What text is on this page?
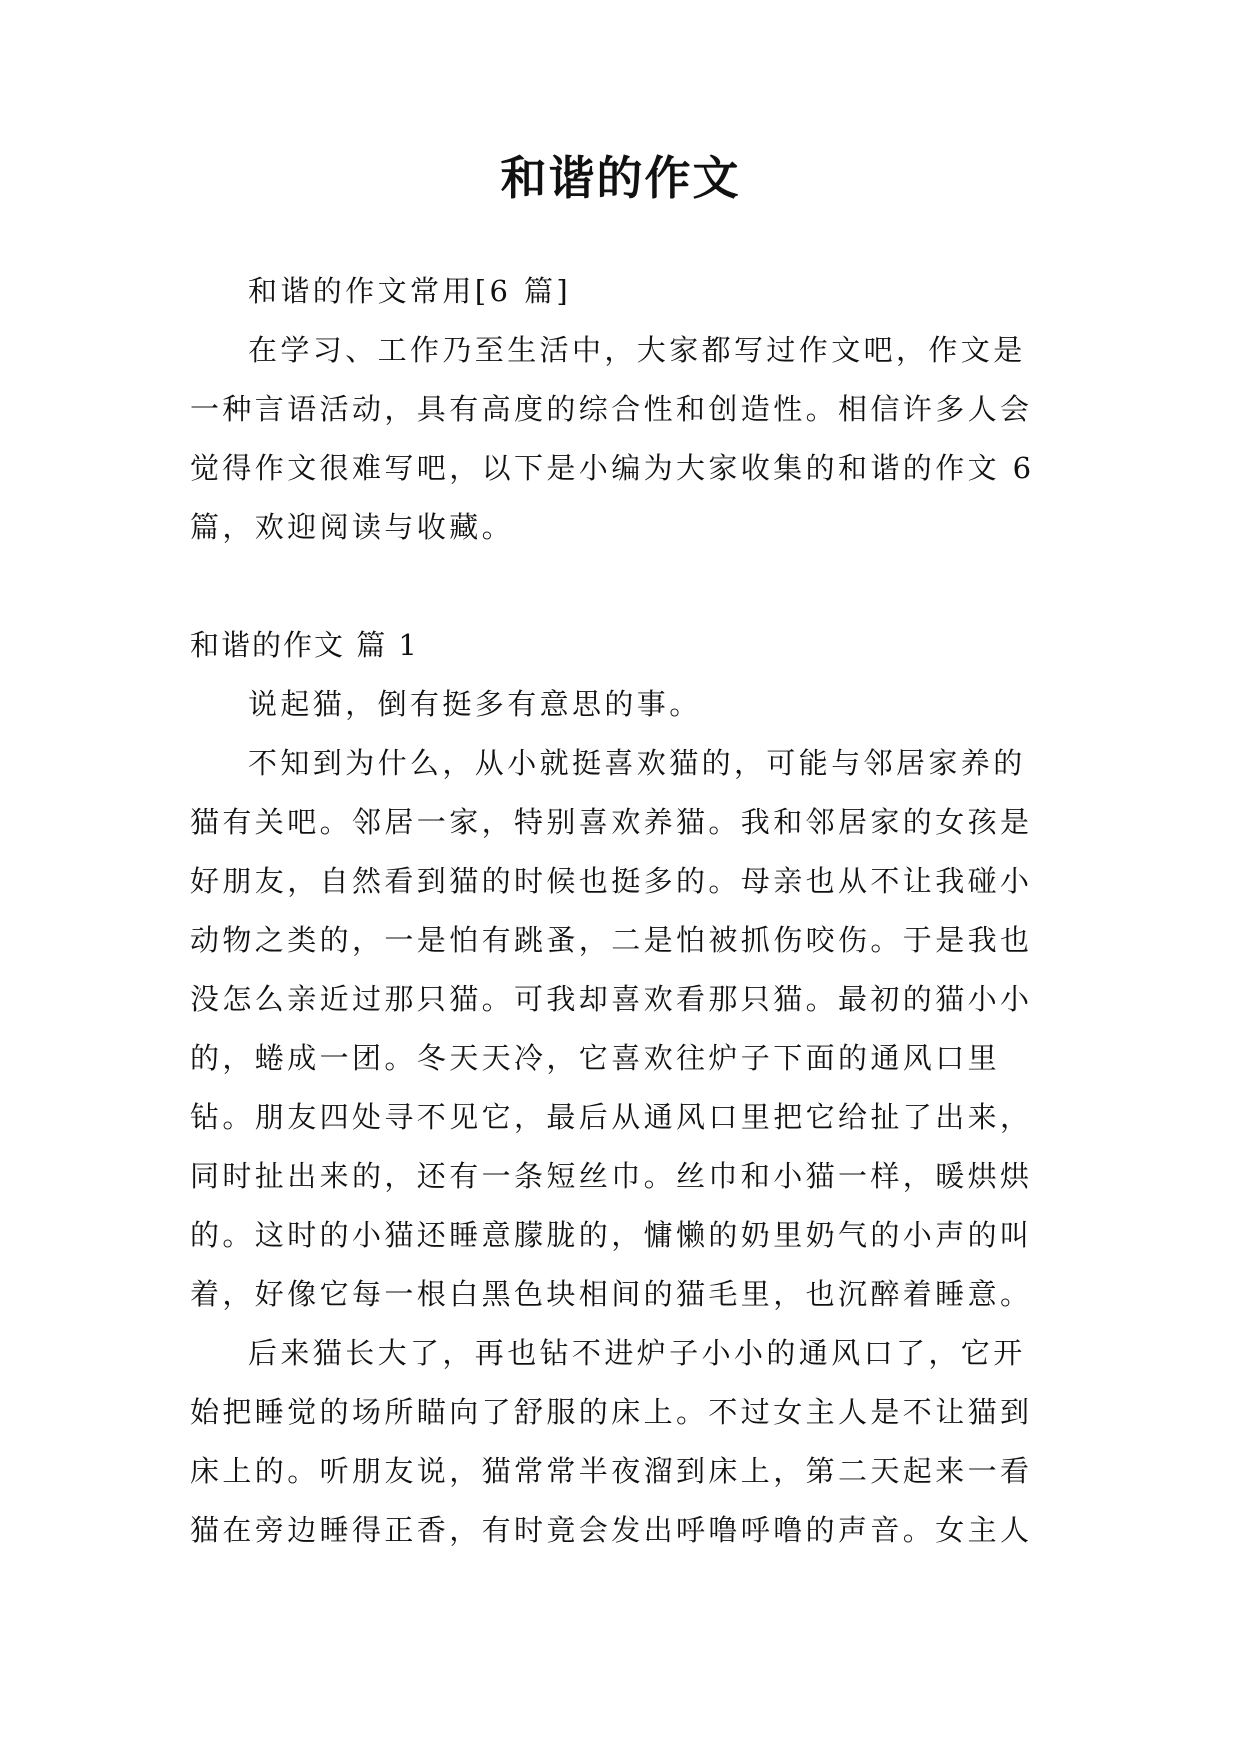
和谐的作文

和谐的作文常用[6 篇]

在学习、工作乃至生活中，大家都写过作文吧，作文是一种言语活动，具有高度的综合性和创造性。相信许多人会觉得作文很难写吧，以下是小编为大家收集的和谐的作文 6 篇，欢迎阅读与收藏。

和谐的作文 篇 1

说起猫，倒有挺多有意思的事。

不知到为什么，从小就挺喜欢猫的，可能与邻居家养的猫有关吧。邻居一家，特别喜欢养猫。我和邻居家的女孩是好朋友，自然看到猫的时候也挺多的。母亲也从不让我碰小动物之类的，一是怕有跳蚤，二是怕被抓伤咬伤。于是我也没怎么亲近过那只猫。可我却喜欢看那只猫。最初的猫小小的，蜷成一团。冬天天冷，它喜欢往炉子下面的通风口里钻。朋友四处寻不见它，最后从通风口里把它给扯了出来，同时扯出来的，还有一条短丝巾。丝巾和小猫一样，暖烘烘的。这时的小猫还睡意朦胧的，慵懒的奶里奶气的小声的叫着，好像它每一根白黑色块相间的猫毛里，也沉醉着睡意。

后来猫长大了，再也钻不进炉子小小的通风口了，它开始把睡觉的场所瞄向了舒服的床上。不过女主人是不让猫到床上的。听朋友说，猫常常半夜溜到床上，第二天起来一看猫在旁边睡得正香，有时竟会发出呼噜呼噜的声音。女主人
